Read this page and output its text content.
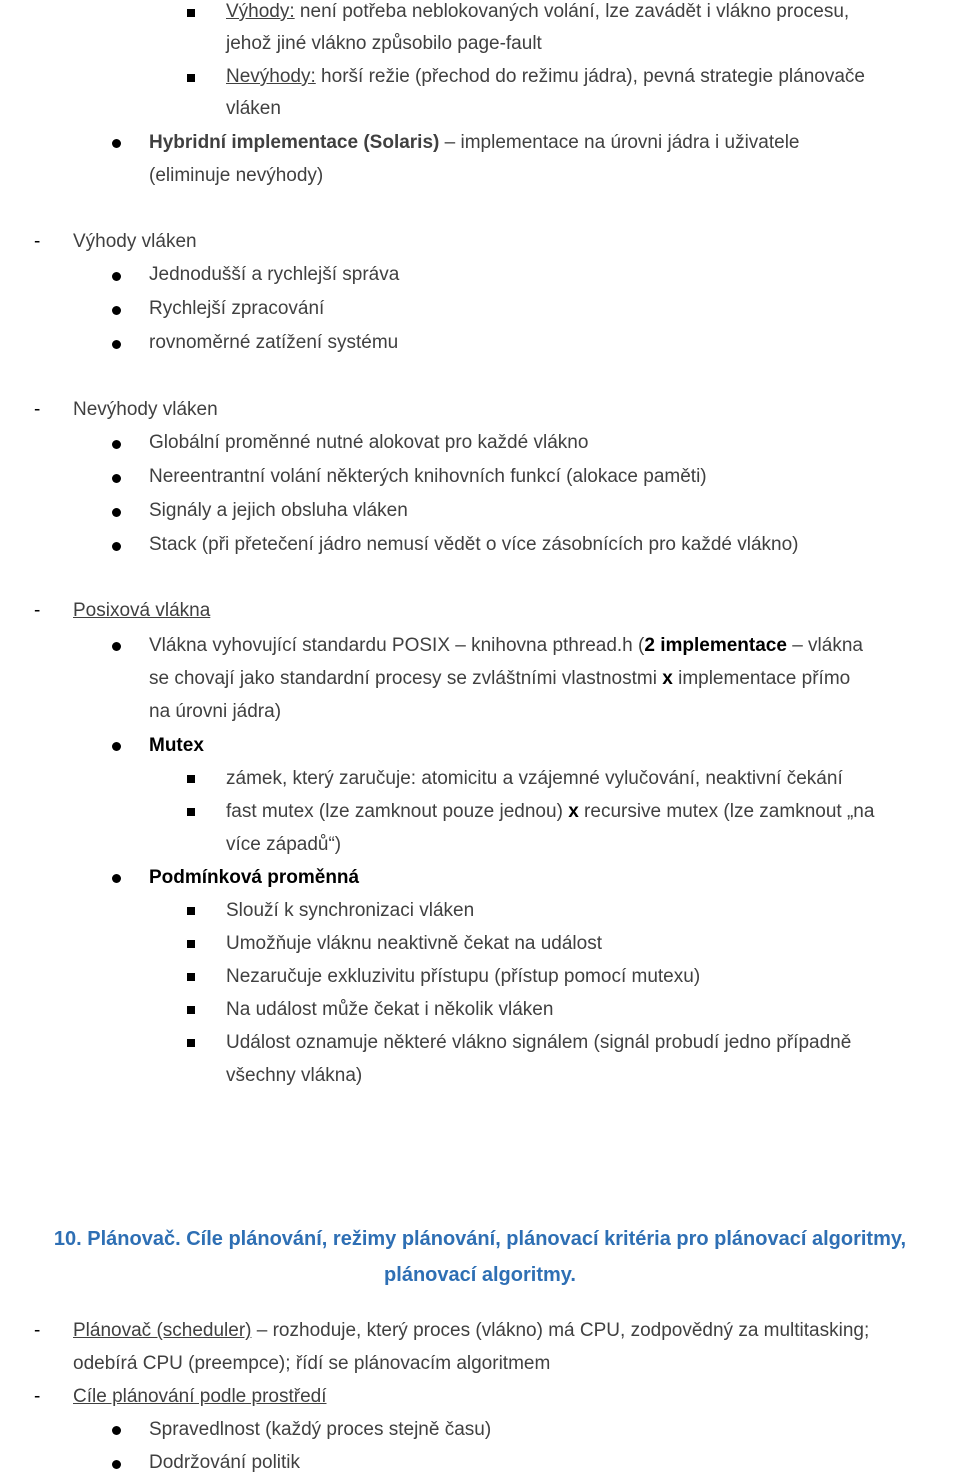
Výhody: není potřeba neblokovaných volání, lze zavádět i vlákno procesu,
jehož jiné vlákno způsobilo page-fault
Nevýhody: horší režie (přechod do režimu jádra), pevná strategie plánovače
vláken
Hybridní implementace (Solaris) – implementace na úrovni jádra i uživatele
(eliminuje nevýhody)
- Výhody vláken
Jednodušší a rychlejší správa
Rychlejší zpracování
rovnoměrné zatížení systému
- Nevýhody vláken
Globální proměnné nutné alokovat pro každé vlákno
Nereentrantní volání některých knihovních funkcí (alokace paměti)
Signály a jejich obsluha vláken
Stack (při přetečení jádro nemusí vědět o více zásobnících pro každé vlákno)
- Posixová vlákna
Vlákna vyhovující standardu POSIX – knihovna pthread.h (2 implementace – vlákna
se chovají jako standardní procesy se zvláštními vlastnostmi x implementace přímo
na úrovni jádra)
Mutex
zámek, který zaručuje: atomicitu a vzájemné vylučování, neaktivní čekání
fast mutex (lze zamknout pouze jednou) x recursive mutex (lze zamknout „na
více západů“)
Podmínková proměnná
Slouží k synchronizaci vláken
Umožňuje vláknu neaktivně čekat na událost
Nezaručuje exkluzivitu přístupu (přístup pomocí mutexu)
Na událost může čekat i několik vláken
Událost oznamuje některé vlákno signálem (signál probudí jedno případně
všechny vlákna)
10. Plánovač. Cíle plánování, režimy plánování, plánovací kritéria pro plánovací algoritmy,
plánovací algoritmy.
- Plánovač (scheduler) – rozhoduje, který proces (vlákno) má CPU, zodpovědný za multitasking;
odebírá CPU (preempce); řídí se plánovacím algoritmem
- Cíle plánování podle prostředí
Spravedlnost (každý proces stejně času)
Dodržování politik
